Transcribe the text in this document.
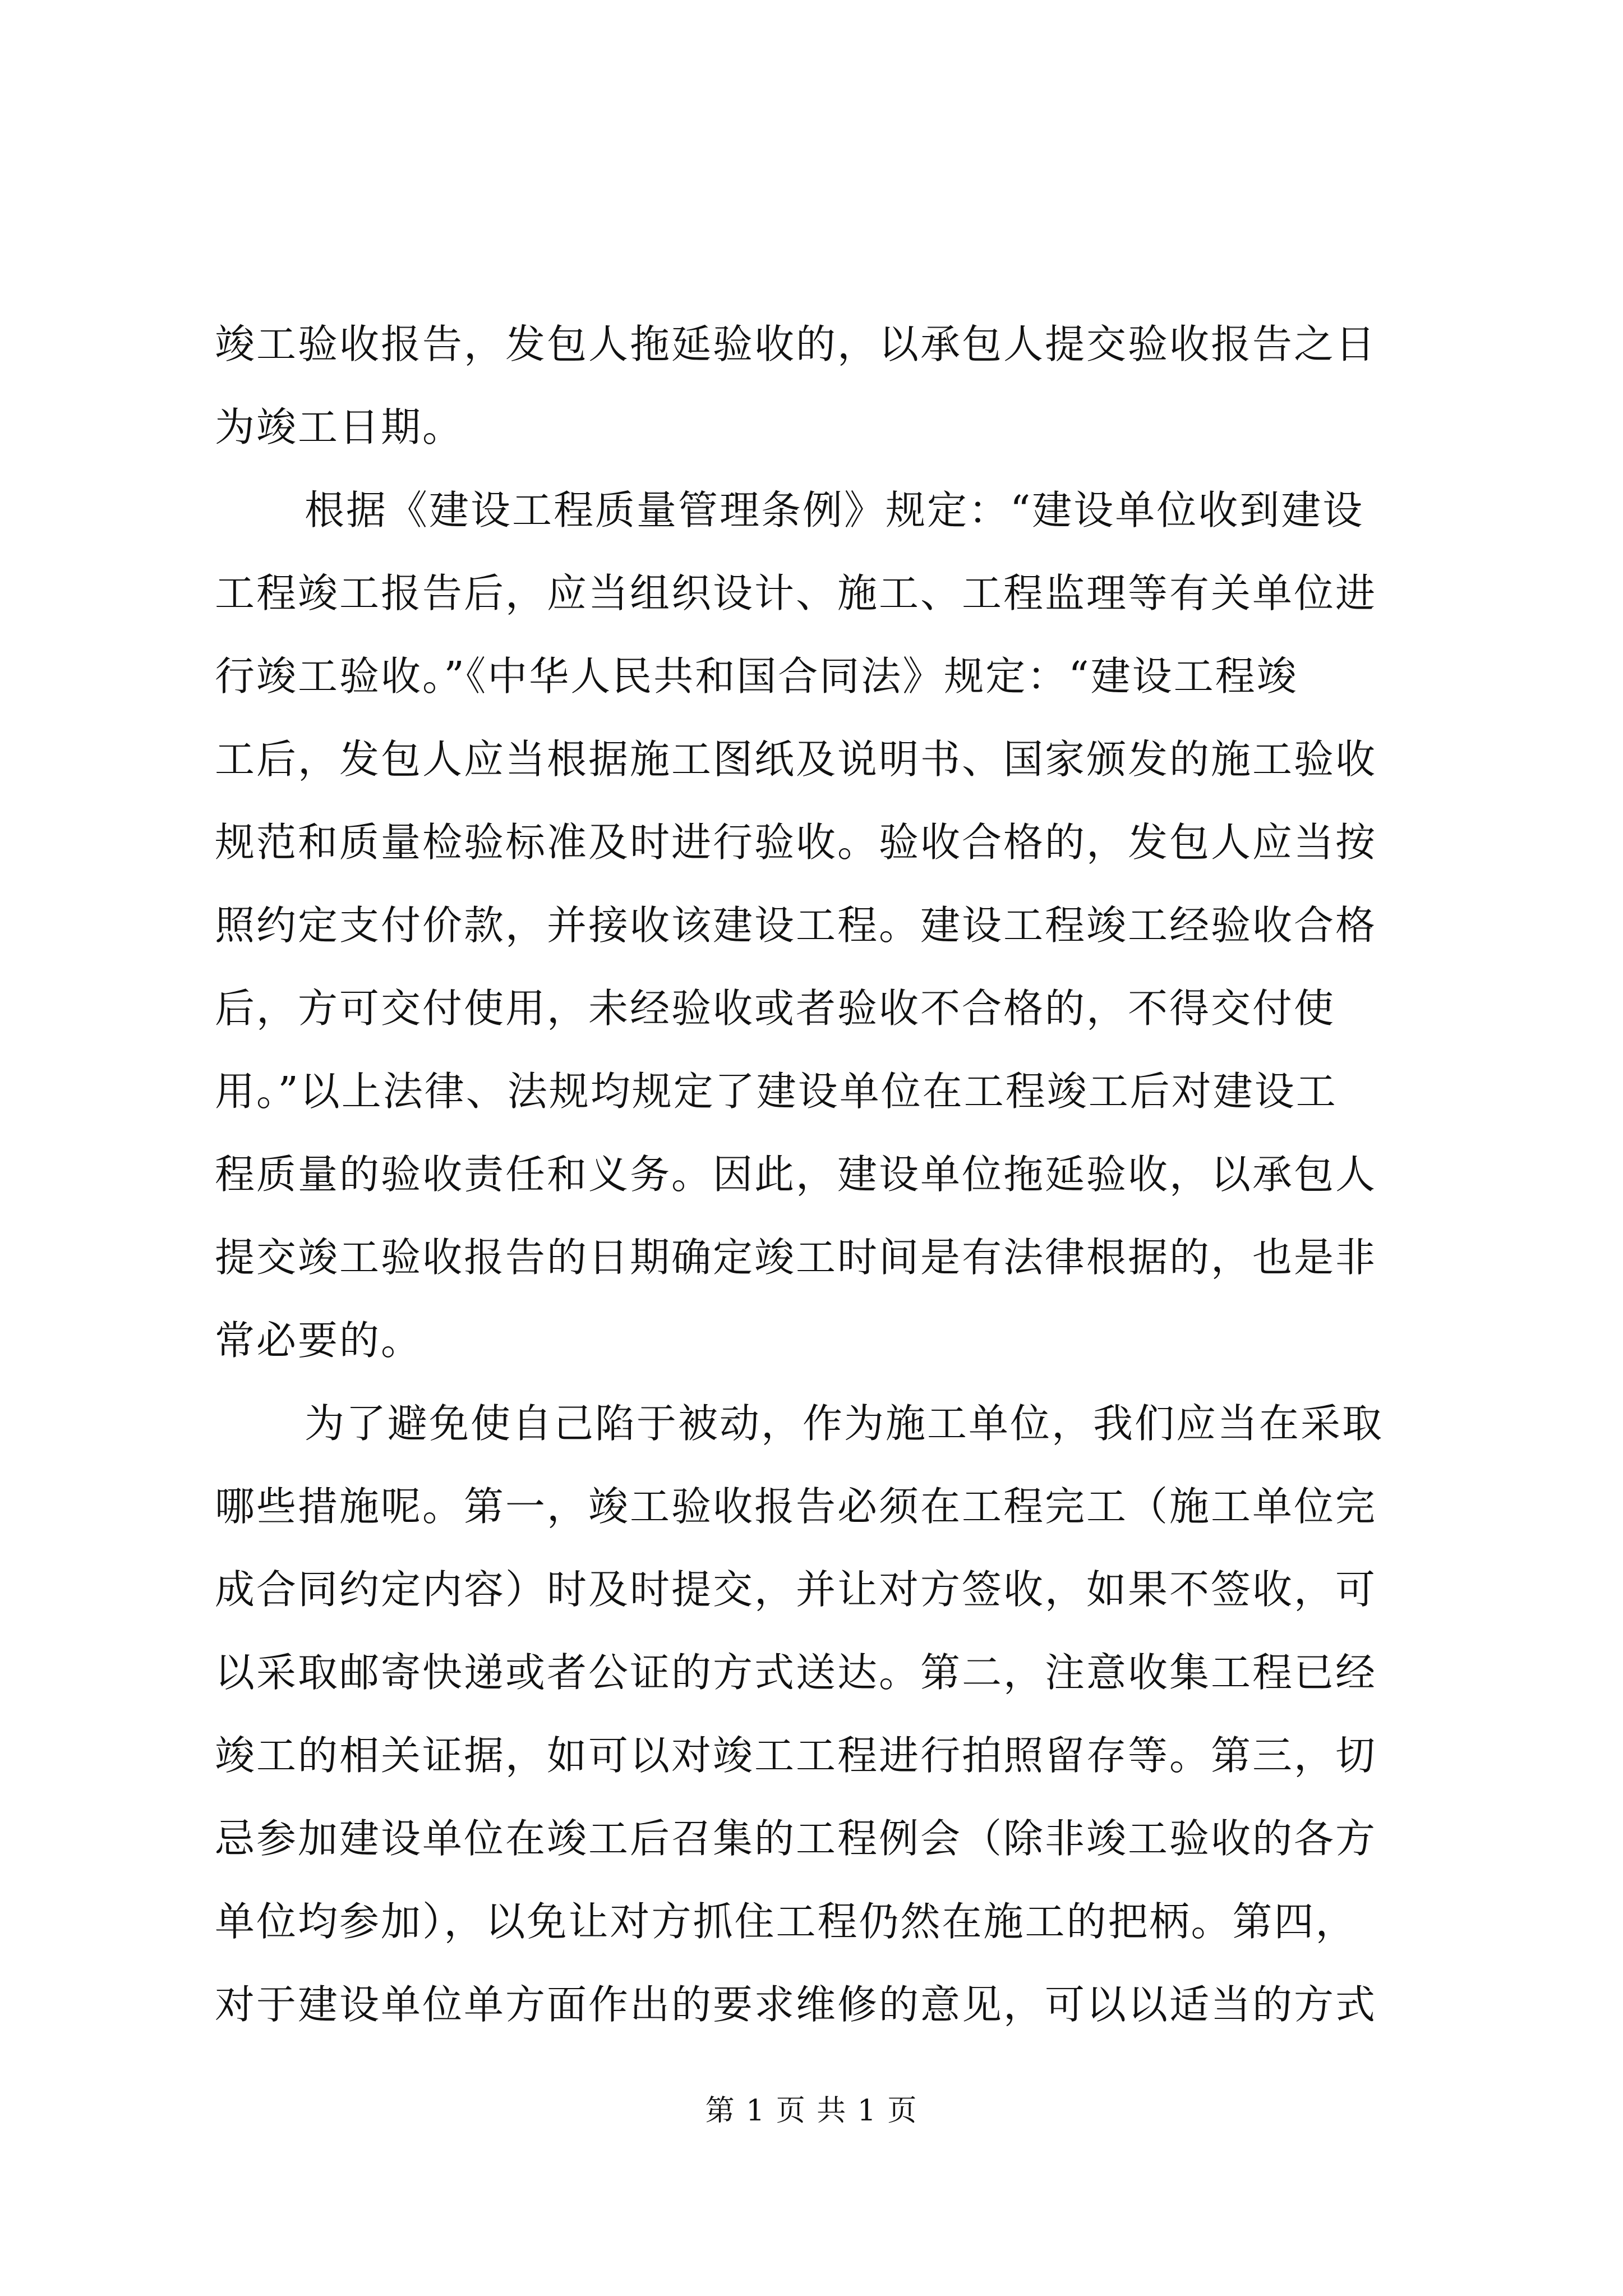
竣工验收报告，发包人拖延验收的，以承包人提交验收报告之日
为竣工日期。
根据《建设工程质量管理条例》规定：“建设单位收到建设
工程竣工报告后，应当组织设计、施工、工程监理等有关单位进
行竣工验收。”《中华人民共和国合同法》规定：“建设工程竣
工后，发包人应当根据施工图纸及说明书、国家颁发的施工验收
规范和质量检验标准及时进行验收。验收合格的，发包人应当按
照约定支付价款，并接收该建设工程。建设工程竣工经验收合格
后，方可交付使用，未经验收或者验收不合格的，不得交付使
用。”以上法律、法规均规定了建设单位在工程竣工后对建设工
程质量的验收责任和义务。因此，建设单位拖延验收，以承包人
提交竣工验收报告的日期确定竣工时间是有法律根据的，也是非
常必要的。
为了避免使自己陷于被动，作为施工单位，我们应当在采取
哪些措施呢。第一，竣工验收报告必须在工程完工（施工单位完
成合同约定内容）时及时提交，并让对方签收，如果不签收，可
以采取邮寄快递或者公证的方式送达。第二，注意收集工程已经
竣工的相关证据，如可以对竣工工程进行拍照留存等。第三，切
忌参加建设单位在竣工后召集的工程例会（除非竣工验收的各方
单位均参加），以免让对方抓住工程仍然在施工的把柄。第四，
对于建设单位单方面作出的要求维修的意见，可以以适当的方式
第 1 页 共 1 页
